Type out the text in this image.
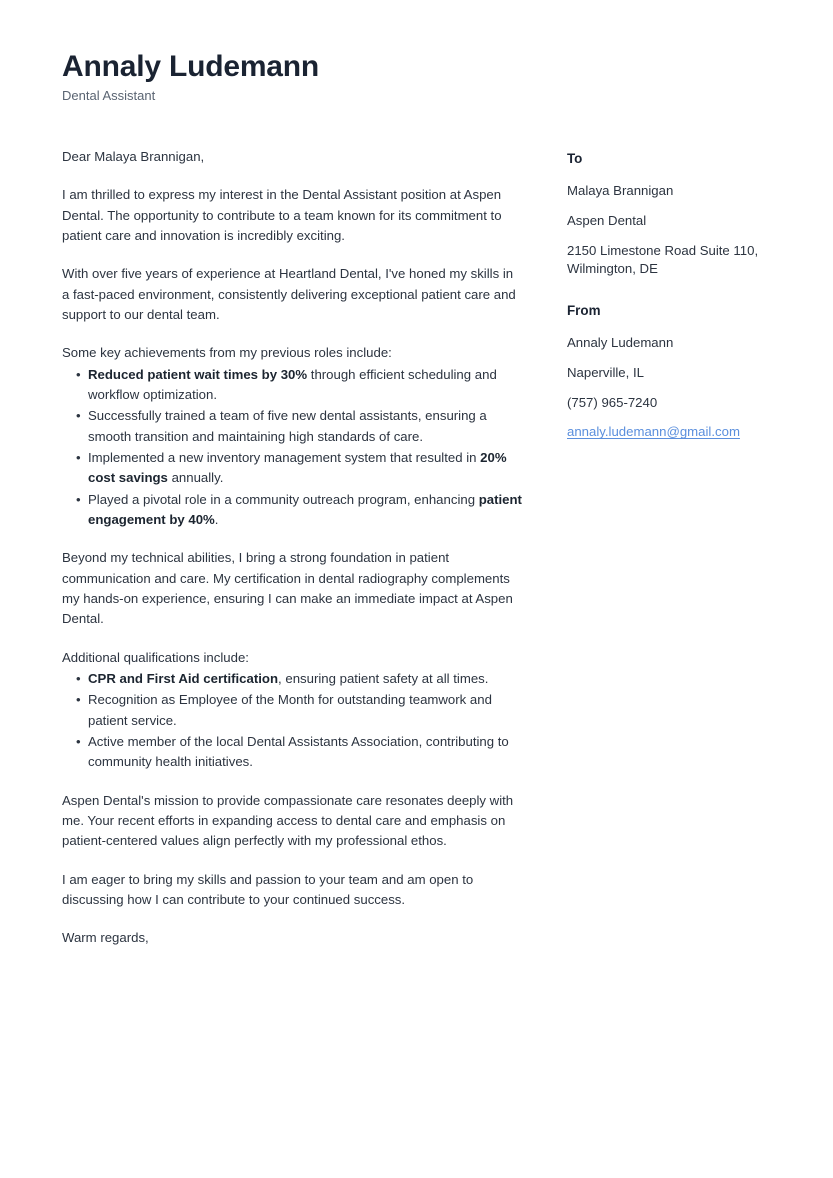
Annaly Ludemann
Dental Assistant

Dear Malaya Brannigan,

I am thrilled to express my interest in the Dental Assistant position at Aspen Dental. The opportunity to contribute to a team known for its commitment to patient care and innovation is incredibly exciting.

With over five years of experience at Heartland Dental, I've honed my skills in a fast-paced environment, consistently delivering exceptional patient care and support to our dental team.

Some key achievements from my previous roles include:

• Reduced patient wait times by 30% through efficient scheduling and workflow optimization.
• Successfully trained a team of five new dental assistants, ensuring a smooth transition and maintaining high standards of care.
• Implemented a new inventory management system that resulted in 20% cost savings annually.
• Played a pivotal role in a community outreach program, enhancing patient engagement by 40%.

Beyond my technical abilities, I bring a strong foundation in patient communication and care. My certification in dental radiography complements my hands-on experience, ensuring I can make an immediate impact at Aspen Dental.

Additional qualifications include:

• CPR and First Aid certification, ensuring patient safety at all times.
• Recognition as Employee of the Month for outstanding teamwork and patient service.
• Active member of the local Dental Assistants Association, contributing to community health initiatives.

Aspen Dental's mission to provide compassionate care resonates deeply with me. Your recent efforts in expanding access to dental care and emphasis on patient-centered values align perfectly with my professional ethos.

I am eager to bring my skills and passion to your team and am open to discussing how I can contribute to your continued success.

Warm regards,

To
Malaya Brannigan
Aspen Dental
2150 Limestone Road Suite 110, Wilmington, DE
From
Annaly Ludemann
Naperville, IL
(757) 965-7240
annaly.ludemann@gmail.com
